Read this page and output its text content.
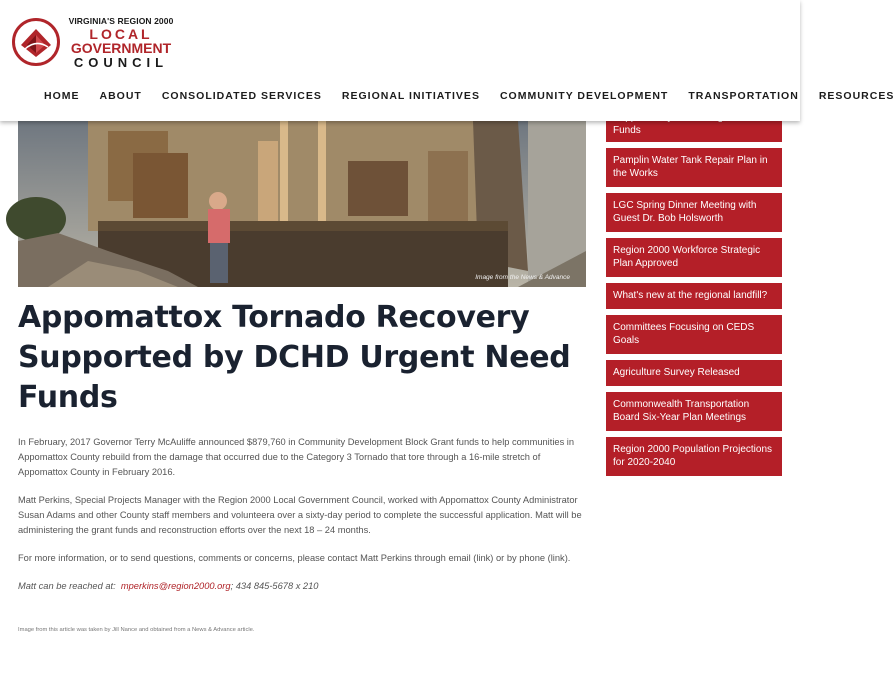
VIRGINIA'S REGION 2000
LOCAL
GOVERNMENT
COUNCIL
HOME ABOUT CONSOLIDATED SERVICES REGIONAL INITIATIVES COMMUNITY DEVELOPMENT TRANSPORTATION RESOURCES
Image from the News & Advance
Appomattox Tornado Recovery Supported by DCHD Urgent Need Funds

In February, 2017 Governor Terry McAuliffe announced $879,760 in Community Development Block Grant funds to help communities in Appomattox County rebuild from the damage that occurred due to the Category 3 Tornado that tore through a 16-mile stretch of Appomattox County in February 2016.

Matt Perkins, Special Projects Manager with the Region 2000 Local Government Council, worked with Appomattox County Administrator Susan Adams and other County staff members and volunteera over a sixty-day period to complete the successful application. Matt will be administering the grant funds and reconstruction efforts over the next 18 – 24 months.

For more information, or to send questions, comments or concerns, please contact Matt Perkins through email (link) or by phone (link).

Matt can be reached at: mperkins@region2000.org; 434 845-5678 x 210

Image from this article was taken by Jill Nance and obtained from a News & Advance article.
Funds
Pamplin Water Tank Repair Plan in the Works
LGC Spring Dinner Meeting with Guest Dr. Bob Holsworth
Region 2000 Workforce Strategic Plan Approved
What's new at the regional landfill?
Committees Focusing on CEDS Goals
Agriculture Survey Released
Commonwealth Transportation Board Six-Year Plan Meetings
Region 2000 Population Projections for 2020-2040
